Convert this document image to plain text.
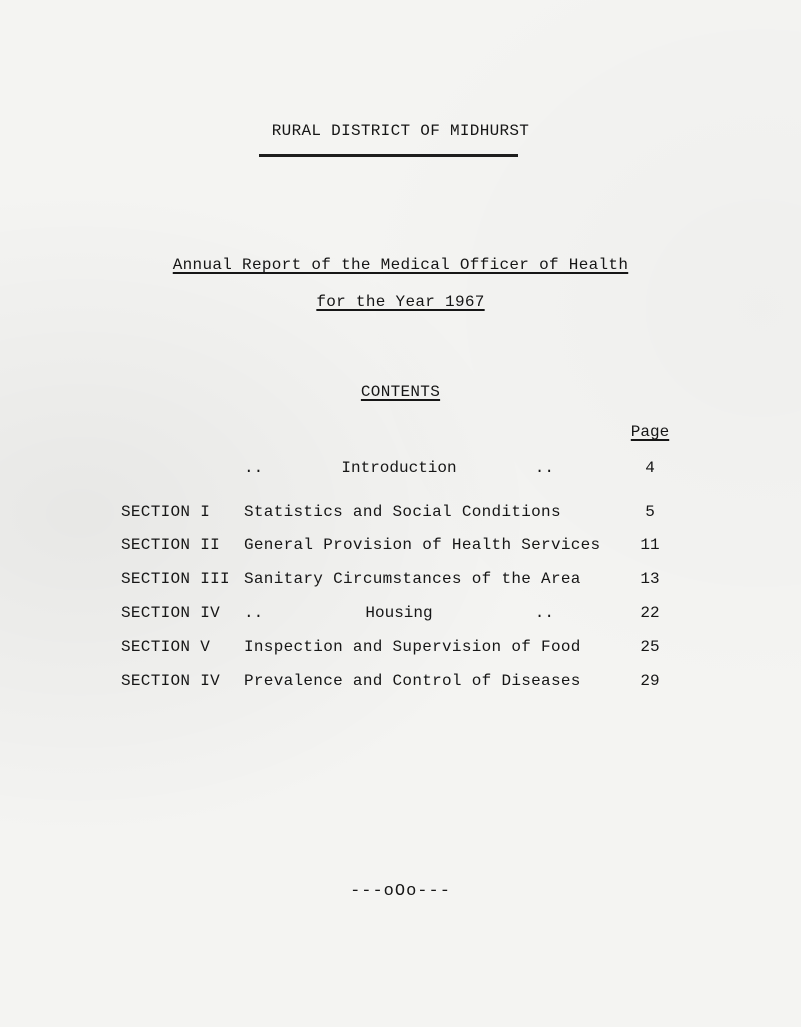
RURAL DISTRICT OF MIDHURST
Annual Report of the Medical Officer of Health
for the Year 1967
CONTENTS
Page
..	Introduction	..	4
SECTION I Statistics and Social Conditions	5
SECTION II General Provision of Health Services	11
SECTION III Sanitary Circumstances of the Area	13
SECTION IV ..	Housing	..	22
SECTION V Inspection and Supervision of Food	25
SECTION IV Prevalence and Control of Diseases	29
---oOo---
